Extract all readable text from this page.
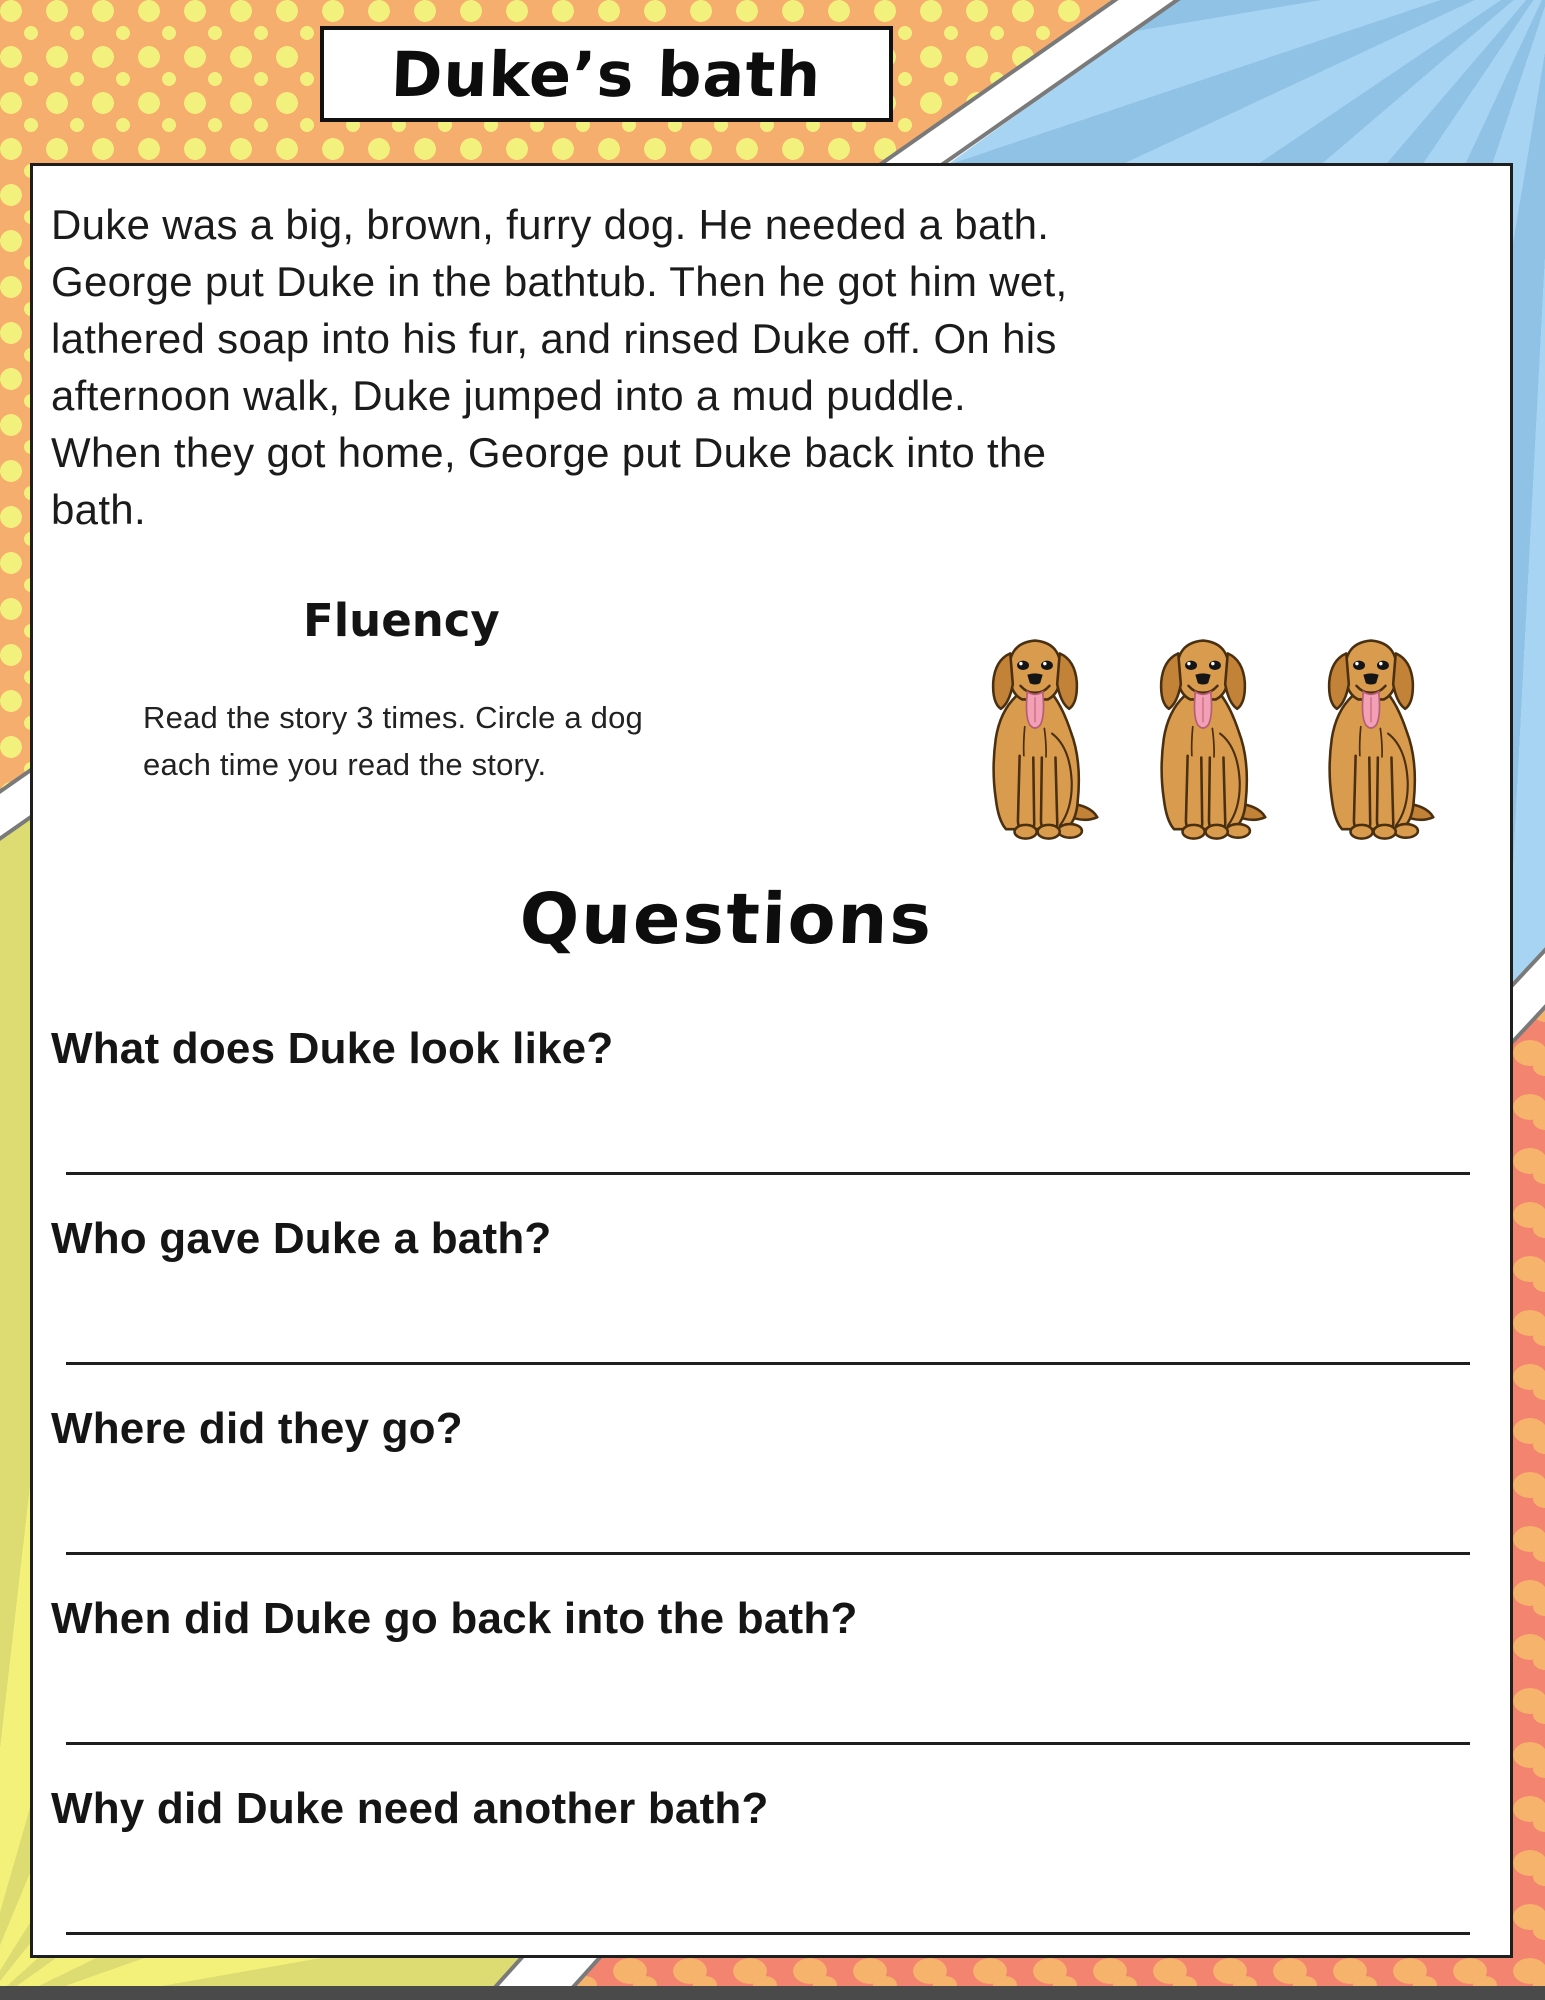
Duke’s bath
Duke was a big, brown, furry dog. He needed a bath.
George put Duke in the bathtub. Then he got him wet,
lathered soap into his fur, and rinsed Duke off. On his
afternoon walk, Duke jumped into a mud puddle.
When they got home, George put Duke back into the
bath.
Fluency
Read the story 3 times. Circle a dog
each time you read the story.
Questions
What does Duke look like?
Who gave Duke a bath?
Where did they go?
When did Duke go back into the bath?
Why did Duke need another bath?
